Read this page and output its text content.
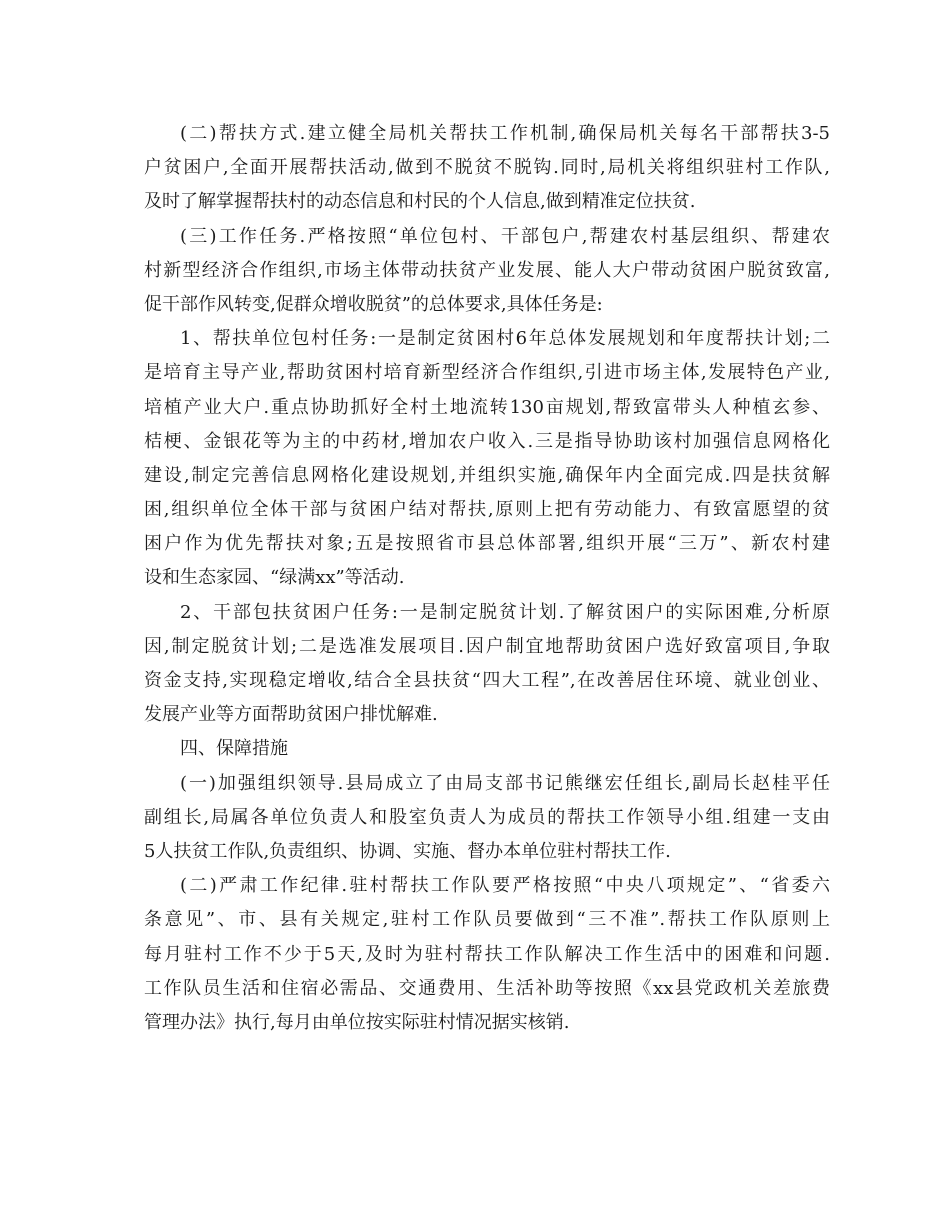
(二)帮扶方式.建立健全局机关帮扶工作机制,确保局机关每名干部帮扶3-5
户贫困户,全面开展帮扶活动,做到不脱贫不脱钩.同时,局机关将组织驻村工作队,
及时了解掌握帮扶村的动态信息和村民的个人信息,做到精准定位扶贫.
(三)工作任务.严格按照“单位包村、干部包户,帮建农村基层组织、帮建农
村新型经济合作组织,市场主体带动扶贫产业发展、能人大户带动贫困户脱贫致富,
促干部作风转变,促群众增收脱贫”的总体要求,具体任务是:
1、帮扶单位包村任务:一是制定贫困村6年总体发展规划和年度帮扶计划;二
是培育主导产业,帮助贫困村培育新型经济合作组织,引进市场主体,发展特色产业,
培植产业大户.重点协助抓好全村土地流转130亩规划,帮致富带头人种植玄参、
桔梗、金银花等为主的中药材,增加农户收入.三是指导协助该村加强信息网格化
建设,制定完善信息网格化建设规划,并组织实施,确保年内全面完成.四是扶贫解
困,组织单位全体干部与贫困户结对帮扶,原则上把有劳动能力、有致富愿望的贫
困户作为优先帮扶对象;五是按照省市县总体部署,组织开展“三万”、新农村建
设和生态家园、“绿满xx”等活动.
2、干部包扶贫困户任务:一是制定脱贫计划.了解贫困户的实际困难,分析原
因,制定脱贫计划;二是选准发展项目.因户制宜地帮助贫困户选好致富项目,争取
资金支持,实现稳定增收,结合全县扶贫“四大工程”,在改善居住环境、就业创业、
发展产业等方面帮助贫困户排忧解难.
四、保障措施
(一)加强组织领导.县局成立了由局支部书记熊继宏任组长,副局长赵桂平任
副组长,局属各单位负责人和股室负责人为成员的帮扶工作领导小组.组建一支由
5人扶贫工作队,负责组织、协调、实施、督办本单位驻村帮扶工作.
(二)严肃工作纪律.驻村帮扶工作队要严格按照“中央八项规定”、“省委六
条意见”、市、县有关规定,驻村工作队员要做到“三不准”.帮扶工作队原则上
每月驻村工作不少于5天,及时为驻村帮扶工作队解决工作生活中的困难和问题.
工作队员生活和住宿必需品、交通费用、生活补助等按照《xx县党政机关差旅费
管理办法》执行,每月由单位按实际驻村情况据实核销.
